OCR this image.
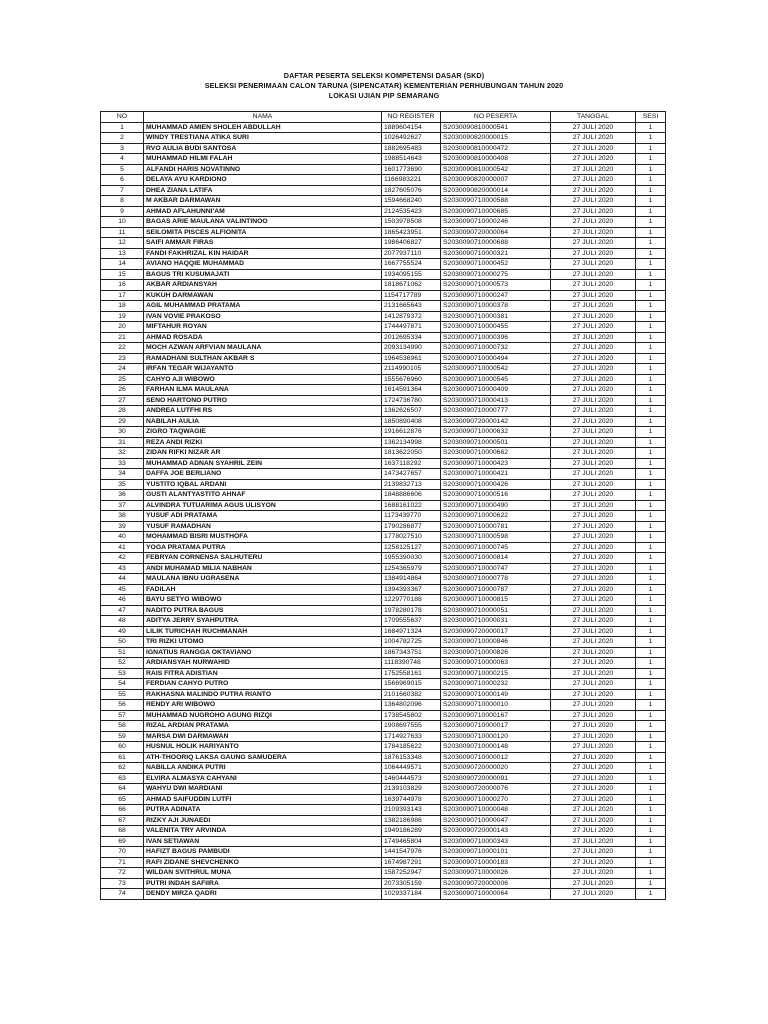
DAFTAR PESERTA SELEKSI KOMPETENSI DASAR (SKD)
SELEKSI PENERIMAAN CALON TARUNA (SIPENCATAR) KEMENTERIAN PERHUBUNGAN TAHUN 2020
LOKASI UJIAN PIP SEMARANG
NO	NAMA	NO REGISTER	NO PESERTA	TANGGAL	SESI
1	MUHAMMAD AMIEN SHOLEH ABDULLAH	1889604154	S2030090810000541	27 JULI 2020	1
2	WINDY TRESTIANA ATIKA SURI	1026492627	S2030090820000015	27 JULI 2020	1
3	RVO AULIA BUDI SANTOSA	1882695483	S2030090810000472	27 JULI 2020	1
4	MUHAMMAD HILMI FALAH	1988514643	S2030090810000408	27 JULI 2020	1
5	ALFANDI HARIS NOVATINNO	1601773690	S2030090810000542	27 JULI 2020	1
6	DELAYA AYU KARDIONO	1166983221	S2030090820000007	27 JULI 2020	1
7	DHEA ZIANA LATIFA	1827605076	S2030090820000014	27 JULI 2020	1
8	M AKBAR DARMAWAN	1594668240	S2030090710000588	27 JULI 2020	1
9	AHMAD AFLAHUNNI'AM	2124535423	S2030090710000685	27 JULI 2020	1
10	BAGAS ARIE MAULANA VALINTINOO	1503978508	S2030090710000246	27 JULI 2020	1
11	SEILOMITA PISCES ALFIONITA	1865423951	S2030090720000064	27 JULI 2020	1
12	SAIFI AMMAR FIRAS	1986406827	S2030090710000688	27 JULI 2020	1
13	FANDI FAKHRIZAL KIN HAIDAR	2077937110	S2030090710000321	27 JULI 2020	1
14	AVIANO HAQQIE MUHAMMAD	1667755524	S2030090710000452	27 JULI 2020	1
15	BAGUS TRI KUSUMAJATI	1934095155	S2030090710000275	27 JULI 2020	1
16	AKBAR ARDIANSYAH	1818671062	S2030090710000573	27 JULI 2020	1
17	KUKUH DARMAWAN	1154717789	S2030090710000247	27 JULI 2020	1
18	AGIL MUHAMMAD PRATAMA	2131665643	S2030090710000378	27 JULI 2020	1
19	IVAN VOVIE PRAKOSO	1412879372	S2030090710000381	27 JULI 2020	1
20	MIFTAHUR ROYAN	1744497871	S2030090710000455	27 JULI 2020	1
21	AHMAD ROSADA	2012695334	S2030090710000396	27 JULI 2020	1
22	MOCH AZWAN ARFVIAN MAULANA	2093134990	S2030090710000732	27 JULI 2020	1
23	RAMADHANI SULTHAN AKBAR S	1964536961	S2030090710000494	27 JULI 2020	1
24	IRFAN TEGAR WIJAYANTO	2114990105	S2030090710000542	27 JULI 2020	1
25	CAHYO AJI WIBOWO	1555676960	S2030090710000545	27 JULI 2020	1
26	FARHAN ILMA MAULANA	1614591364	S2030090710000409	27 JULI 2020	1
27	SENO HARTONO PUTRO	1724736780	S2030090710000413	27 JULI 2020	1
28	ANDREA LUTFHI RS	1362626507	S2030090710000777	27 JULI 2020	1
29	NABILAH AULIA	1850890408	S2030090720000142	27 JULI 2020	1
30	ZIGRO TAQWAGIE	1916612876	S2030090710000632	27 JULI 2020	1
31	REZA ANDI RIZKI	1362134998	S2030090710000501	27 JULI 2020	1
32	ZIDAN RIFKI NIZAR AR	1813622050	S2030090710000662	27 JULI 2020	1
33	MUHAMMAD ADNAN SYAHRIL ZEIN	1637118292	S2030090710000423	27 JULI 2020	1
34	DAFFA JOE BERLIANO	1473427657	S2030090710000421	27 JULI 2020	1
35	YUSTITO IQBAL ARDANI	2139832713	S2030090710000426	27 JULI 2020	1
36	GUSTI ALANTYASTITO AHNAF	1848886606	S2030090710000516	27 JULI 2020	1
37	ALVINDRA TUTUARIMA AGUS ULISYON	1688161022	S2030090710000490	27 JULI 2020	1
38	YUSUF ADI PRATAMA	1173439770	S2030090710000622	27 JULI 2020	1
39	YUSUF RAMADHAN	1790286877	S2030090710000781	27 JULI 2020	1
40	MOHAMMAD BISRI MUSTHOFA	1778027510	S2030090710000598	27 JULI 2020	1
41	YOGA PRATAMA PUTRA	1258125127	S2030090710000745	27 JULI 2020	1
42	FEBRYAN CORNENSA SALHUTERU	1955390030	S2030090710000814	27 JULI 2020	1
43	ANDI MUHAMAD MILIA NABHAN	1254365979	S2030090710000747	27 JULI 2020	1
44	MAULANA IBNU UGRASENA	1384914864	S2030090710000778	27 JULI 2020	1
45	FADILAH	1394393367	S2030090710000787	27 JULI 2020	1
46	BAYU SETYO WIBOWO	1229770188	S2030090710000815	27 JULI 2020	1
47	NADITO PUTRA BAGUS	1978280178	S2030090710000051	27 JULI 2020	1
48	ADITYA JERRY SYAHPUTRA	1709555637	S2030090710000031	27 JULI 2020	1
49	LILIK TURICHAH RUCHMANAH	1684971324	S2030090720000017	27 JULI 2020	1
50	TRI RIZKI UTOMO	1004782725	S2030090710000846	27 JULI 2020	1
51	IGNATIUS RANGGA OKTAVIANO	1867343751	S2030090710000826	27 JULI 2020	1
52	ARDIANSYAH NURWAHID	1118390748	S2030090710000063	27 JULI 2020	1
53	RAIS FITRA ADISTIAN	1752558161	S2030090710000215	27 JULI 2020	1
54	FERDIAN CAHYO PUTRO	1566969015	S2030090710000232	27 JULI 2020	1
55	RAKHASNA MALINDO PUTRA RIANTO	2101660382	S2030090710000149	27 JULI 2020	1
56	RENDY ARI WIBOWO	1364802096	S2030090710000010	27 JULI 2020	1
57	MUHAMMAD NUGROHO AGUNG RIZQI	1738545802	S2030090710000167	27 JULI 2020	1
58	RIZAL ARDIAN PRATAMA	1908697555	S2030090710000017	27 JULI 2020	1
59	MARSA DWI DARMAWAN	1714927633	S2030090710000120	27 JULI 2020	1
60	HUSNUL HOLIK HARIYANTO	1784185622	S2030090710000148	27 JULI 2020	1
61	ATH-THOORIQ LAKSA GAUNG SAMUDERA	1876153348	S2030090710000012	27 JULI 2020	1
62	NABILLA ANDIKA PUTRI	1064449571	S2030090720000020	27 JULI 2020	1
63	ELVIRA ALMASYA CAHYANI	1460444573	S2030090720000091	27 JULI 2020	1
64	WAHYU DWI MARDIANI	2139103829	S2030090720000076	27 JULI 2020	1
65	AHMAD SAIFUDDIN LUTFI	1639744978	S2030090710000270	27 JULI 2020	1
66	PUTRA ADINATA	2109393143	S2030090710000048	27 JULI 2020	1
67	RIZKY AJI JUNAEDI	1382186986	S2030090710000047	27 JULI 2020	1
68	VALENITA TRY ARVINDA	1949186289	S2030090720000143	27 JULI 2020	1
69	IVAN SETIAWAN	1749465804	S2030090710000343	27 JULI 2020	1
70	HAFIZT BAGUS PAMBUDI	1441547976	S2030090710000101	27 JULI 2020	1
71	RAFI ZIDANE SHEVCHENKO	1674987291	S2030090710000183	27 JULI 2020	1
72	WILDAN SVITHRUL MUNA	1587252947	S2030090710000026	27 JULI 2020	1
73	PUTRI INDAH SAFIIRA	2073305159	S2030090720000006	27 JULI 2020	1
74	DENDY MIRZA QADRI	1029337184	S2030090710000064	27 JULI 2020	1
